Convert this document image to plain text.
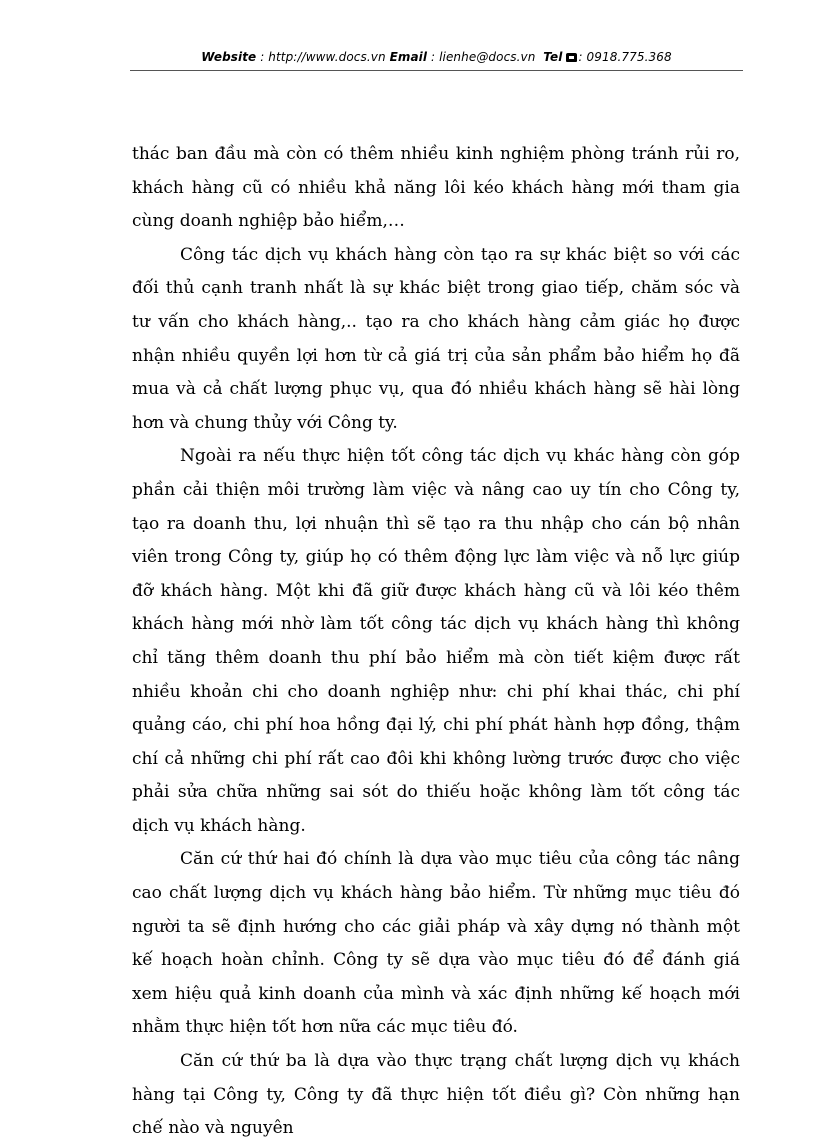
Website : http://www.docs.vn Email : lienhe@docs.vn  Tel : 0918.775.368

thác ban đầu mà còn có thêm nhiều kinh nghiệm phòng tránh rủi ro, khách hàng cũ có nhiều khả năng lôi kéo khách hàng mới tham gia cùng doanh nghiệp bảo hiểm,…

Công tác dịch vụ khách hàng còn tạo ra sự khác biệt so với các đối thủ cạnh tranh nhất là sự khác biệt trong giao tiếp, chăm sóc và tư vấn cho khách hàng,.. tạo ra cho khách hàng cảm giác họ được nhận nhiều quyền lợi hơn từ cả giá trị của sản phẩm bảo hiểm họ đã mua và cả chất lượng phục vụ, qua đó nhiều khách hàng sẽ hài lòng hơn và chung thủy với Công ty.

Ngoài ra nếu thực hiện tốt công tác dịch vụ khác hàng còn góp phần cải thiện môi trường làm việc và nâng cao uy tín cho Công ty, tạo ra doanh thu, lợi nhuận thì sẽ tạo ra thu nhập cho cán bộ nhân viên trong Công ty, giúp họ có thêm động lực làm việc và nỗ lực giúp đỡ khách hàng. Một khi đã giữ được khách hàng cũ và lôi kéo thêm khách hàng mới nhờ làm tốt công tác dịch vụ khách hàng thì không chỉ tăng thêm doanh thu phí bảo hiểm mà còn tiết kiệm được rất nhiều khoản chi cho doanh nghiệp như: chi phí khai thác, chi phí quảng cáo, chi phí hoa hồng đại lý, chi phí phát hành hợp đồng, thậm chí cả những chi phí rất cao đôi khi không lường trước được cho việc phải sửa chữa những sai sót do thiếu hoặc không làm tốt công tác dịch vụ khách hàng.

Căn cứ thứ hai đó chính là dựa vào mục tiêu của công tác nâng cao chất lượng dịch vụ khách hàng bảo hiểm. Từ những mục tiêu đó người ta sẽ định hướng cho các giải pháp và xây dựng nó thành một kế hoạch hoàn chỉnh. Công ty sẽ dựa vào mục tiêu đó để đánh giá xem hiệu quả kinh doanh của mình và xác định những kế hoạch mới nhằm thực hiện tốt hơn nữa các mục tiêu đó.

Căn cứ thứ ba là dựa vào thực trạng chất lượng dịch vụ khách hàng tại Công ty, Công ty đã thực hiện tốt điều gì? Còn những hạn chế nào và nguyên
